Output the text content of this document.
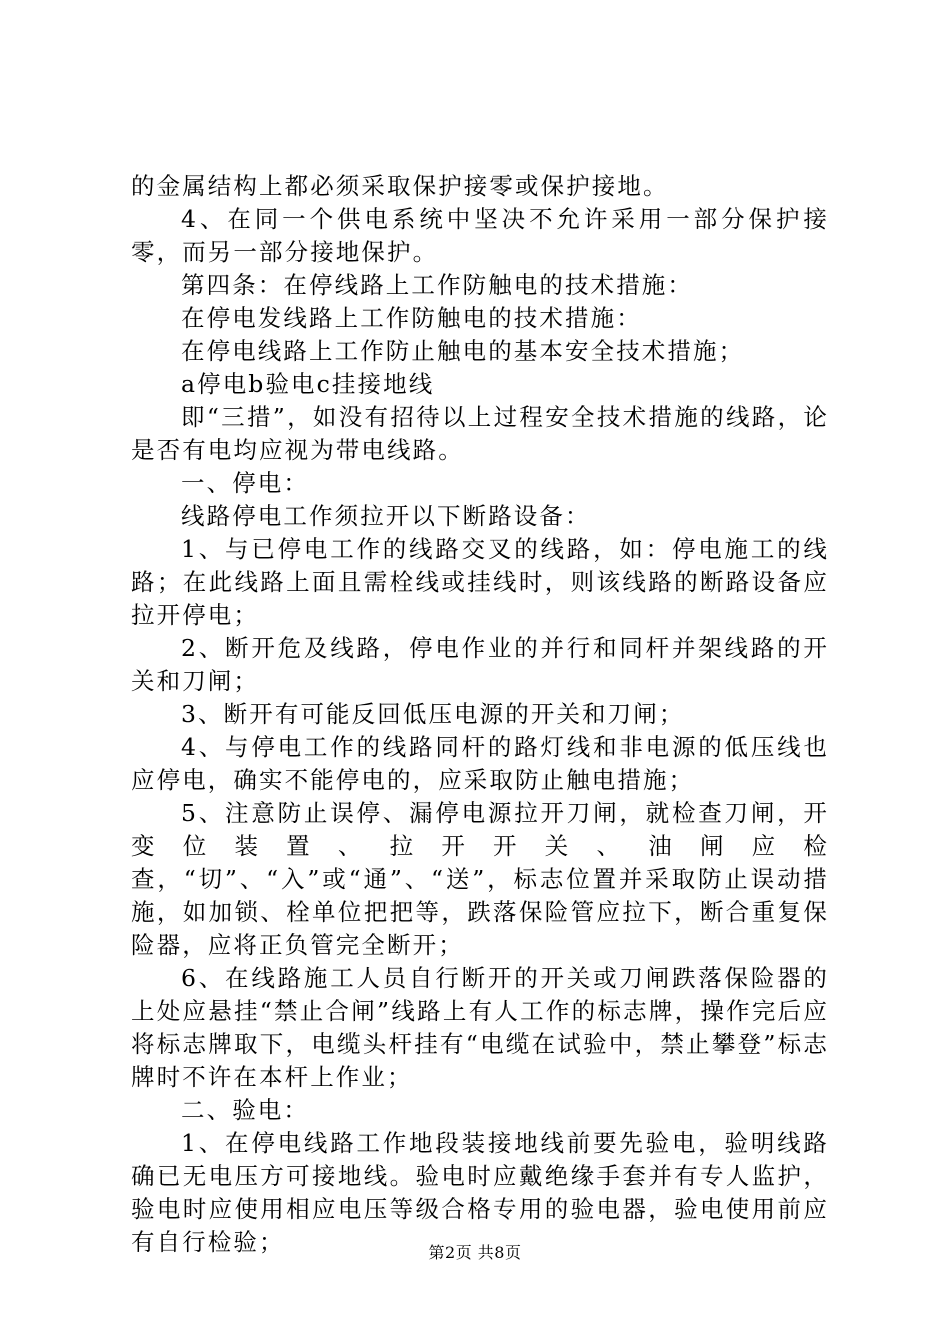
的金属结构上都必须采取保护接零或保护接地。

4、在同一个供电系统中坚决不允许采用一部分保护接零，而另一部分接地保护。

第四条：在停线路上工作防触电的技术措施：

在停电发线路上工作防触电的技术措施：

在停电线路上工作防止触电的基本安全技术措施；

a停电b验电c挂接地线

即“三措”，如没有招待以上过程安全技术措施的线路，论是否有电均应视为带电线路。

一、停电：

线路停电工作须拉开以下断路设备：

1、与已停电工作的线路交叉的线路，如：停电施工的线路；在此线路上面且需栓线或挂线时，则该线路的断路设备应拉开停电；

2、断开危及线路，停电作业的并行和同杆并架线路的开关和刀闸；

3、断开有可能反回低压电源的开关和刀闸；

4、与停电工作的线路同杆的路灯线和非电源的低压线也应停电，确实不能停电的，应采取防止触电措施；

5、注意防止误停、漏停电源拉开刀闸，就检查刀闸，开变位装置、拉开开关、油闸应检查，“切”、“入”或“通”、“送”，标志位置并采取防止误动措施，如加锁、栓单位把把等，跌落保险管应拉下，断合重复保险器，应将正负管完全断开；

6、在线路施工人员自行断开的开关或刀闸跌落保险器的上处应悬挂“禁止合闸”线路上有人工作的标志牌，操作完后应将标志牌取下，电缆头杆挂有“电缆在试验中，禁止攀登”标志牌时不许在本杆上作业；

二、验电：

1、在停电线路工作地段装接地线前要先验电，验明线路确已无电压方可接地线。验电时应戴绝缘手套并有专人监护，验电时应使用相应电压等级合格专用的验电器，验电使用前应有自行检验；	第2页 共8页
